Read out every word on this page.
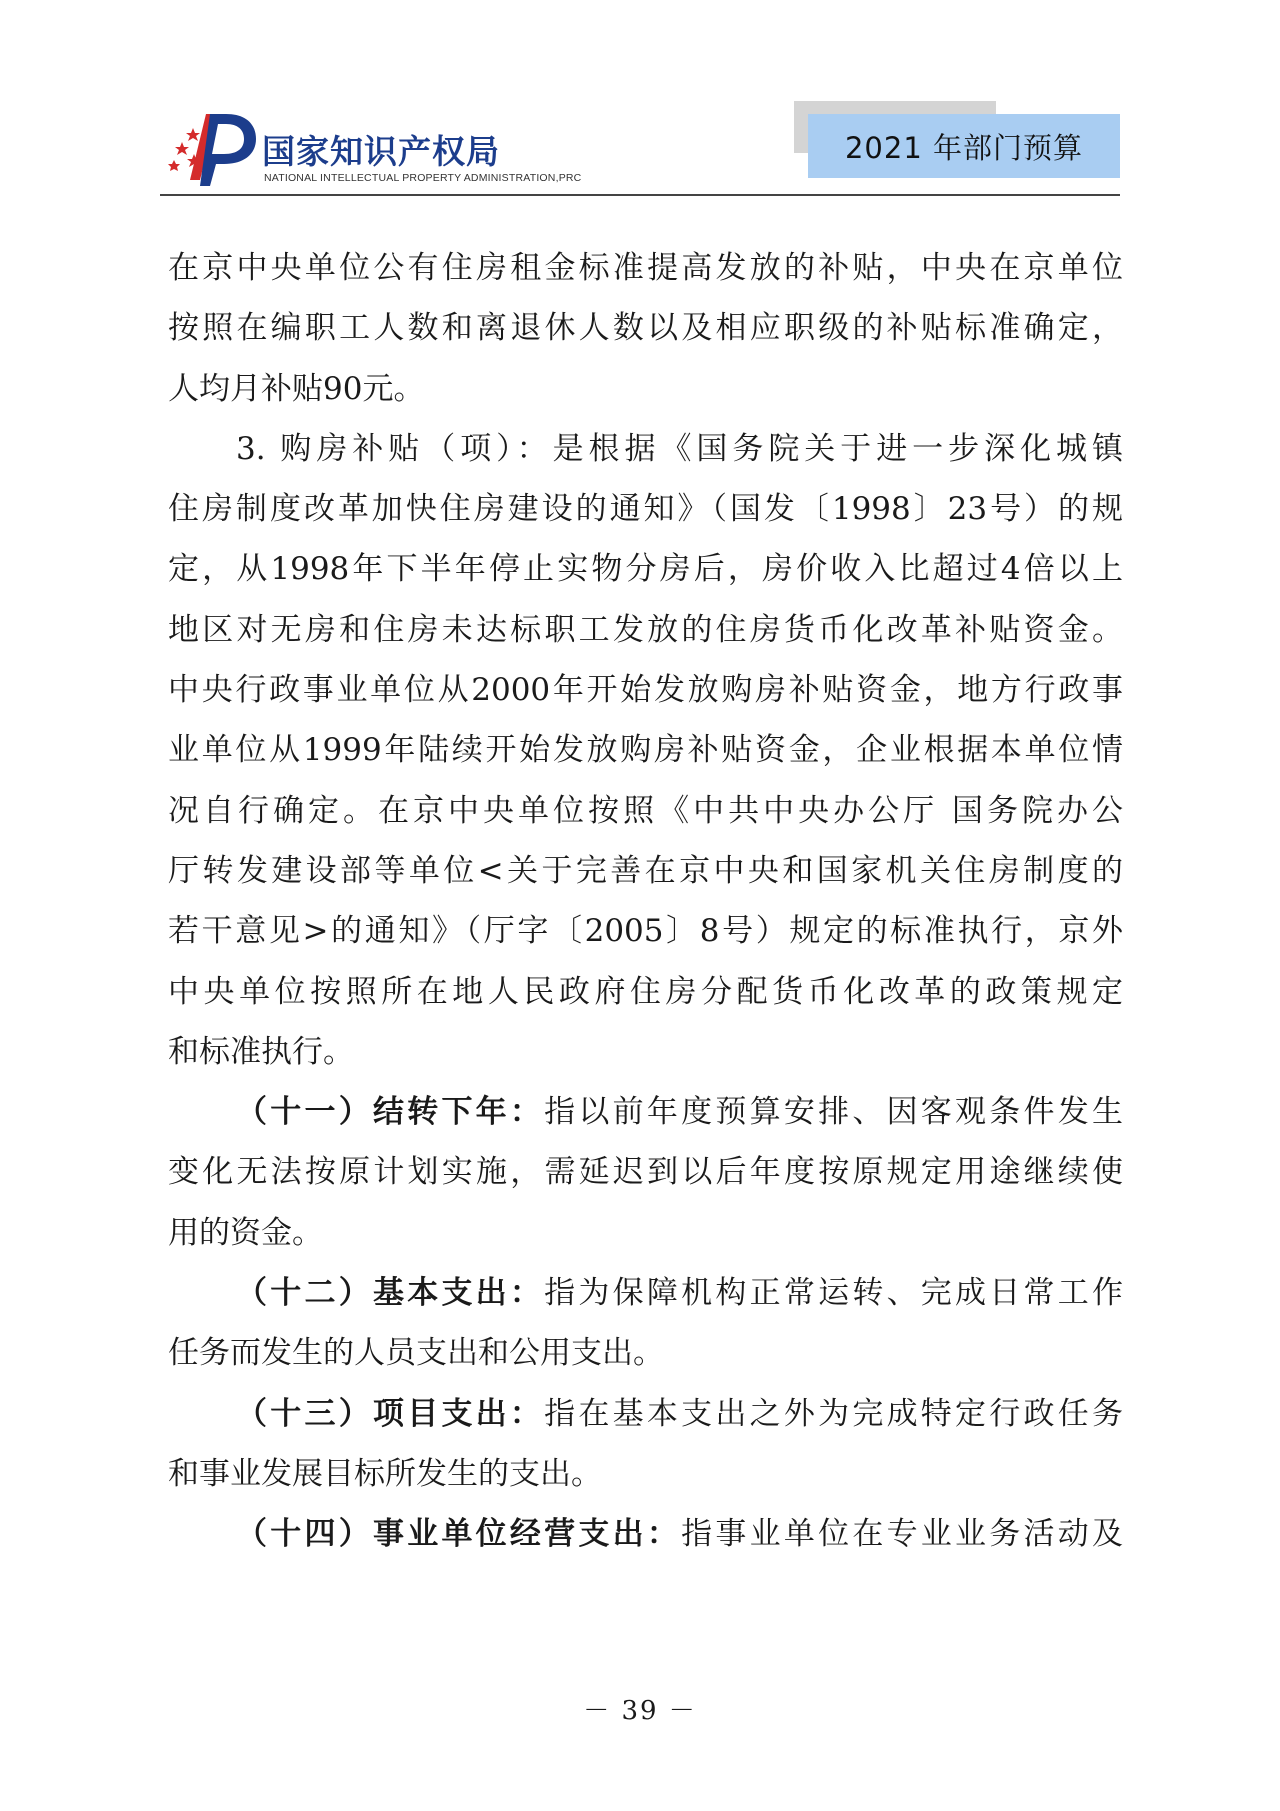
国家知识产权局
NATIONAL INTELLECTUAL PROPERTY ADMINISTRATION,PRC
2021 年部门预算
在京中央单位公有住房租金标准提高发放的补贴，中央在京单位
按照在编职工人数和离退休人数以及相应职级的补贴标准确定，
人均月补贴90元。
3. 购房补贴（项）：是根据《国务院关于进一步深化城镇
住房制度改革加快住房建设的通知》（国发〔1998〕23号）的规
定，从1998年下半年停止实物分房后，房价收入比超过4倍以上
地区对无房和住房未达标职工发放的住房货币化改革补贴资金。
中央行政事业单位从2000年开始发放购房补贴资金，地方行政事
业单位从1999年陆续开始发放购房补贴资金，企业根据本单位情
况自行确定。在京中央单位按照《中共中央办公厅 国务院办公
厅转发建设部等单位<关于完善在京中央和国家机关住房制度的
若干意见>的通知》（厅字〔2005〕8号）规定的标准执行，京外
中央单位按照所在地人民政府住房分配货币化改革的政策规定
和标准执行。
（十一）结转下年：指以前年度预算安排、因客观条件发生
变化无法按原计划实施，需延迟到以后年度按原规定用途继续使
用的资金。
（十二）基本支出：指为保障机构正常运转、完成日常工作
任务而发生的人员支出和公用支出。
（十三）项目支出：指在基本支出之外为完成特定行政任务
和事业发展目标所发生的支出。
（十四）事业单位经营支出：指事业单位在专业业务活动及
－ 39 －
